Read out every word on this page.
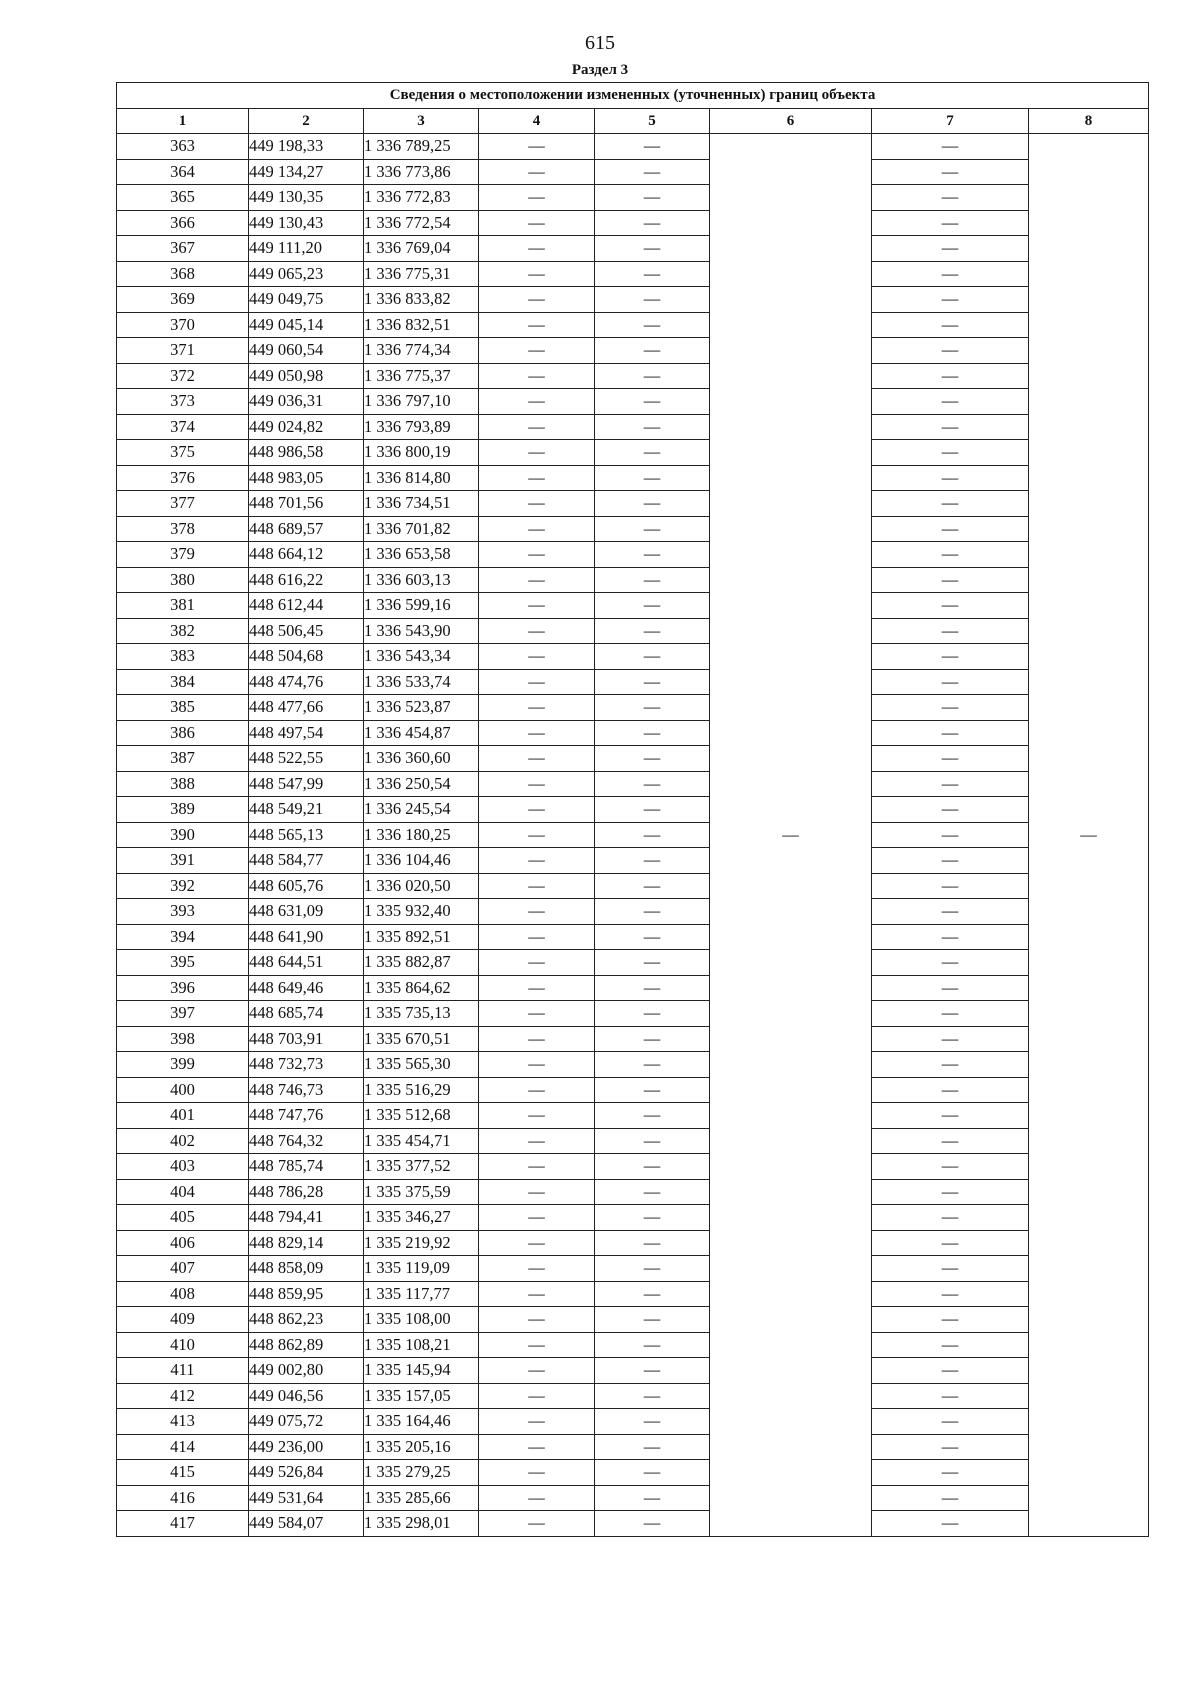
615
Раздел 3
Сведения о местоположении измененных (уточненных) границ объекта							
1	2	3	4	5	6	7	8
363	449 198,33	1 336 789,25	—	—	—	—	—
364	449 134,27	1 336 773,86	—	—		—	
365	449 130,35	1 336 772,83	—	—		—	
366	449 130,43	1 336 772,54	—	—		—	
367	449 111,20	1 336 769,04	—	—		—	
368	449 065,23	1 336 775,31	—	—		—	
369	449 049,75	1 336 833,82	—	—		—	
370	449 045,14	1 336 832,51	—	—		—	
371	449 060,54	1 336 774,34	—	—		—	
372	449 050,98	1 336 775,37	—	—		—	
373	449 036,31	1 336 797,10	—	—		—	
374	449 024,82	1 336 793,89	—	—		—	
375	448 986,58	1 336 800,19	—	—		—	
376	448 983,05	1 336 814,80	—	—		—	
377	448 701,56	1 336 734,51	—	—		—	
378	448 689,57	1 336 701,82	—	—		—	
379	448 664,12	1 336 653,58	—	—		—	
380	448 616,22	1 336 603,13	—	—		—	
381	448 612,44	1 336 599,16	—	—		—	
382	448 506,45	1 336 543,90	—	—		—	
383	448 504,68	1 336 543,34	—	—		—	
384	448 474,76	1 336 533,74	—	—		—	
385	448 477,66	1 336 523,87	—	—		—	
386	448 497,54	1 336 454,87	—	—		—	
387	448 522,55	1 336 360,60	—	—		—	
388	448 547,99	1 336 250,54	—	—		—	
389	448 549,21	1 336 245,54	—	—		—	
390	448 565,13	1 336 180,25	—	—		—	
391	448 584,77	1 336 104,46	—	—		—	
392	448 605,76	1 336 020,50	—	—		—	
393	448 631,09	1 335 932,40	—	—		—	
394	448 641,90	1 335 892,51	—	—		—	
395	448 644,51	1 335 882,87	—	—		—	
396	448 649,46	1 335 864,62	—	—		—	
397	448 685,74	1 335 735,13	—	—		—	
398	448 703,91	1 335 670,51	—	—		—	
399	448 732,73	1 335 565,30	—	—		—	
400	448 746,73	1 335 516,29	—	—		—	
401	448 747,76	1 335 512,68	—	—		—	
402	448 764,32	1 335 454,71	—	—		—	
403	448 785,74	1 335 377,52	—	—		—	
404	448 786,28	1 335 375,59	—	—		—	
405	448 794,41	1 335 346,27	—	—		—	
406	448 829,14	1 335 219,92	—	—		—	
407	448 858,09	1 335 119,09	—	—		—	
408	448 859,95	1 335 117,77	—	—		—	
409	448 862,23	1 335 108,00	—	—		—	
410	448 862,89	1 335 108,21	—	—		—	
411	449 002,80	1 335 145,94	—	—		—	
412	449 046,56	1 335 157,05	—	—		—	
413	449 075,72	1 335 164,46	—	—		—	
414	449 236,00	1 335 205,16	—	—		—	
415	449 526,84	1 335 279,25	—	—		—	
416	449 531,64	1 335 285,66	—	—		—	
417	449 584,07	1 335 298,01	—	—		—	
